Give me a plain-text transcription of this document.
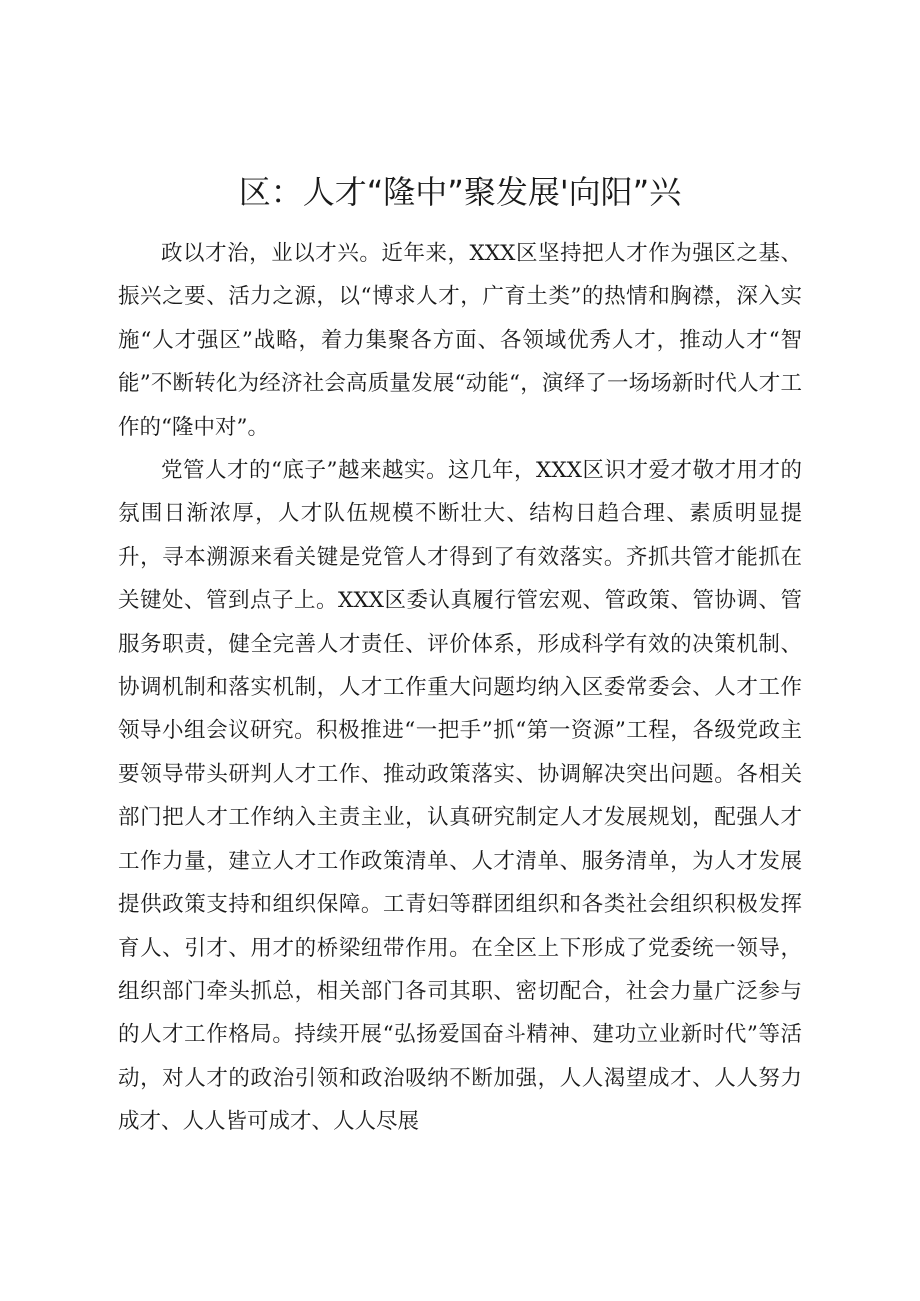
区：人才“隆中”聚发展'向阳”兴

政以才治，业以才兴。近年来，XXX区坚持把人才作为强区之基、振兴之要、活力之源，以“博求人才，广育土类”的热情和胸襟，深入实施“人才强区”战略，着力集聚各方面、各领域优秀人才，推动人才“智能”不断转化为经济社会高质量发展“动能“，演绎了一场场新时代人才工作的“隆中对”。

党管人才的“底子”越来越实。这几年，XXX区识才爱才敬才用才的氛围日渐浓厚，人才队伍规模不断壮大、结构日趋合理、素质明显提升，寻本溯源来看关键是党管人才得到了有效落实。齐抓共管才能抓在关键处、管到点子上。XXX区委认真履行管宏观、管政策、管协调、管服务职责，健全完善人才责任、评价体系，形成科学有效的决策机制、协调机制和落实机制，人才工作重大问题均纳入区委常委会、人才工作领导小组会议研究。积极推进“一把手”抓“第一资源”工程，各级党政主要领导带头研判人才工作、推动政策落实、协调解决突出问题。各相关部门把人才工作纳入主责主业，认真研究制定人才发展规划，配强人才工作力量，建立人才工作政策清单、人才清单、服务清单，为人才发展提供政策支持和组织保障。工青妇等群团组织和各类社会组织积极发挥育人、引才、用才的桥梁纽带作用。在全区上下形成了党委统一领导，组织部门牵头抓总，相关部门各司其职、密切配合，社会力量广泛参与的人才工作格局。持续开展“弘扬爱国奋斗精神、建功立业新时代”等活动，对人才的政治引领和政治吸纳不断加强，人人渴望成才、人人努力成才、人人皆可成才、人人尽展
